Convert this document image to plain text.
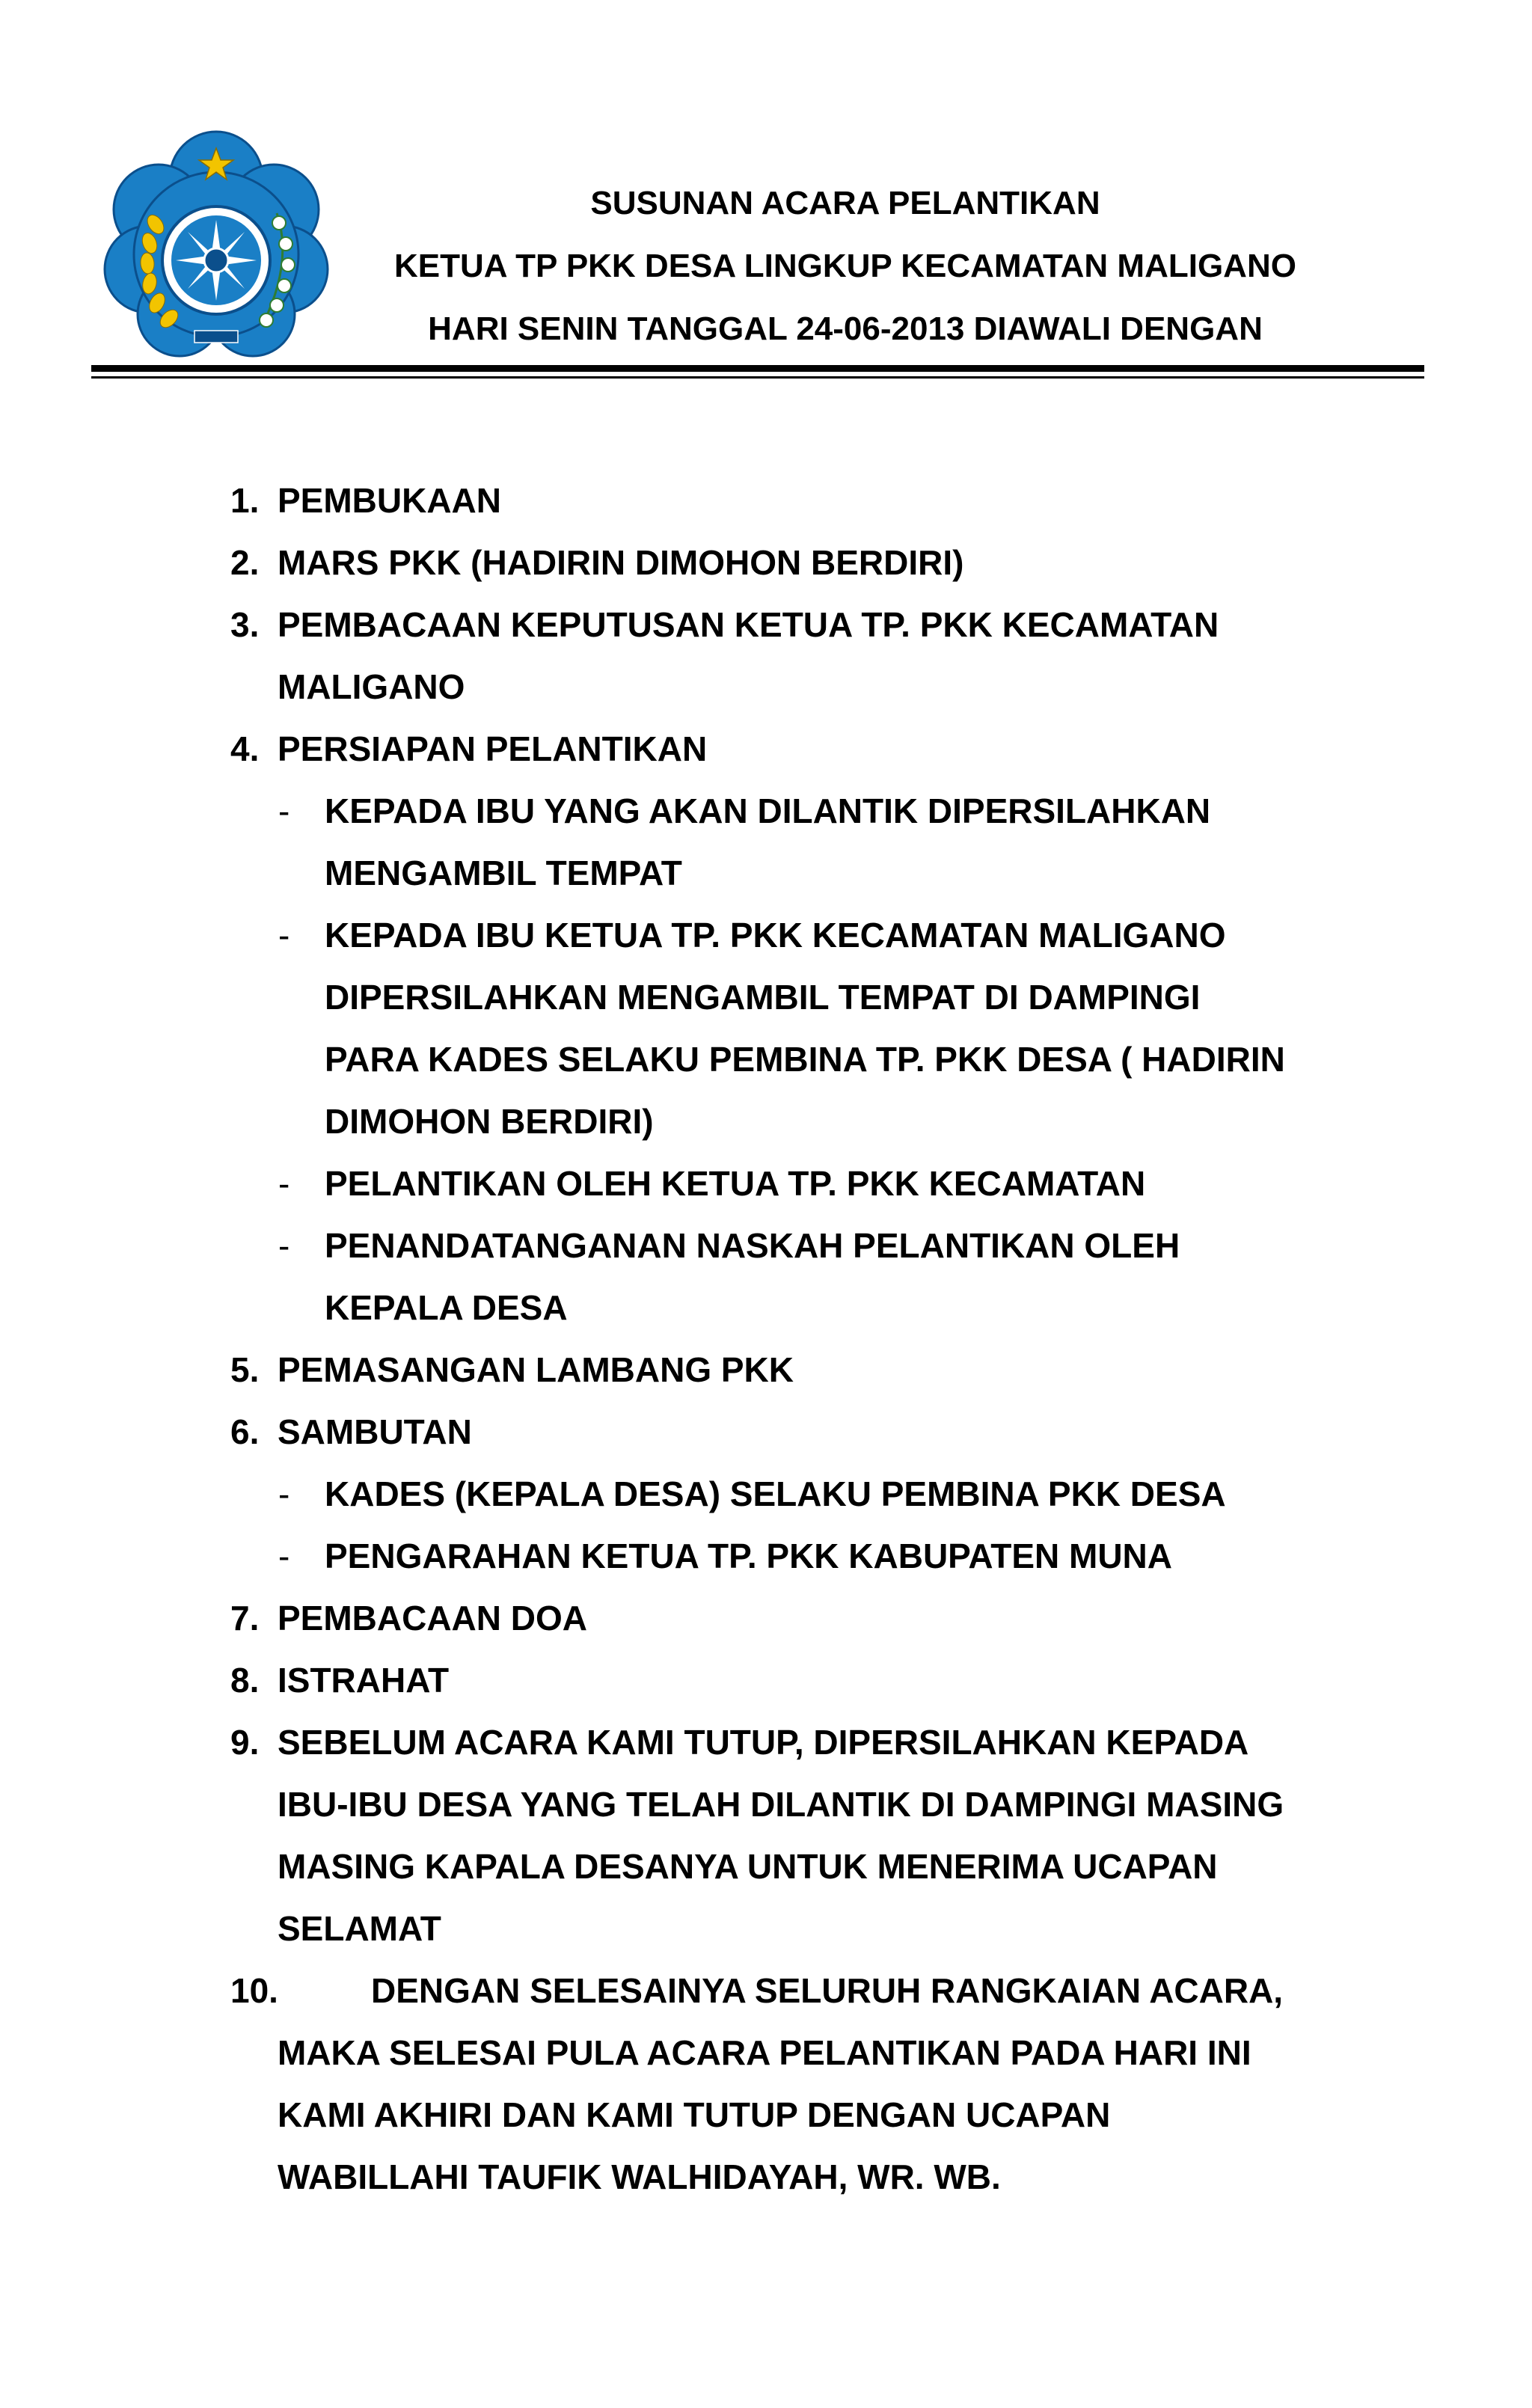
SUSUNAN ACARA PELANTIKAN
KETUA TP PKK DESA LINGKUP KECAMATAN MALIGANO
HARI SENIN TANGGAL 24-06-2013 DIAWALI DENGAN
1. PEMBUKAAN
2. MARS PKK (HADIRIN DIMOHON BERDIRI)
3. PEMBACAAN KEPUTUSAN KETUA TP. PKK KECAMATAN
MALIGANO
4. PERSIAPAN PELANTIKAN
- KEPADA IBU YANG AKAN DILANTIK DIPERSILAHKAN
MENGAMBIL TEMPAT
- KEPADA IBU KETUA TP. PKK KECAMATAN MALIGANO
DIPERSILAHKAN MENGAMBIL TEMPAT DI DAMPINGI
PARA KADES SELAKU PEMBINA TP. PKK DESA ( HADIRIN
DIMOHON BERDIRI)
- PELANTIKAN OLEH KETUA TP. PKK KECAMATAN
- PENANDATANGANAN NASKAH PELANTIKAN OLEH
KEPALA DESA
5. PEMASANGAN LAMBANG PKK
6. SAMBUTAN
- KADES (KEPALA DESA) SELAKU PEMBINA PKK DESA
- PENGARAHAN KETUA TP. PKK KABUPATEN MUNA
7. PEMBACAAN DOA
8. ISTRAHAT
9. SEBELUM ACARA KAMI TUTUP, DIPERSILAHKAN KEPADA
IBU-IBU DESA YANG TELAH DILANTIK DI DAMPINGI MASING
MASING KAPALA DESANYA UNTUK MENERIMA UCAPAN
SELAMAT
10.	DENGAN SELESAINYA SELURUH RANGKAIAN ACARA,
MAKA SELESAI PULA ACARA PELANTIKAN PADA HARI INI
KAMI AKHIRI DAN KAMI TUTUP DENGAN UCAPAN
WABILLAHI TAUFIK WALHIDAYAH, WR. WB.
